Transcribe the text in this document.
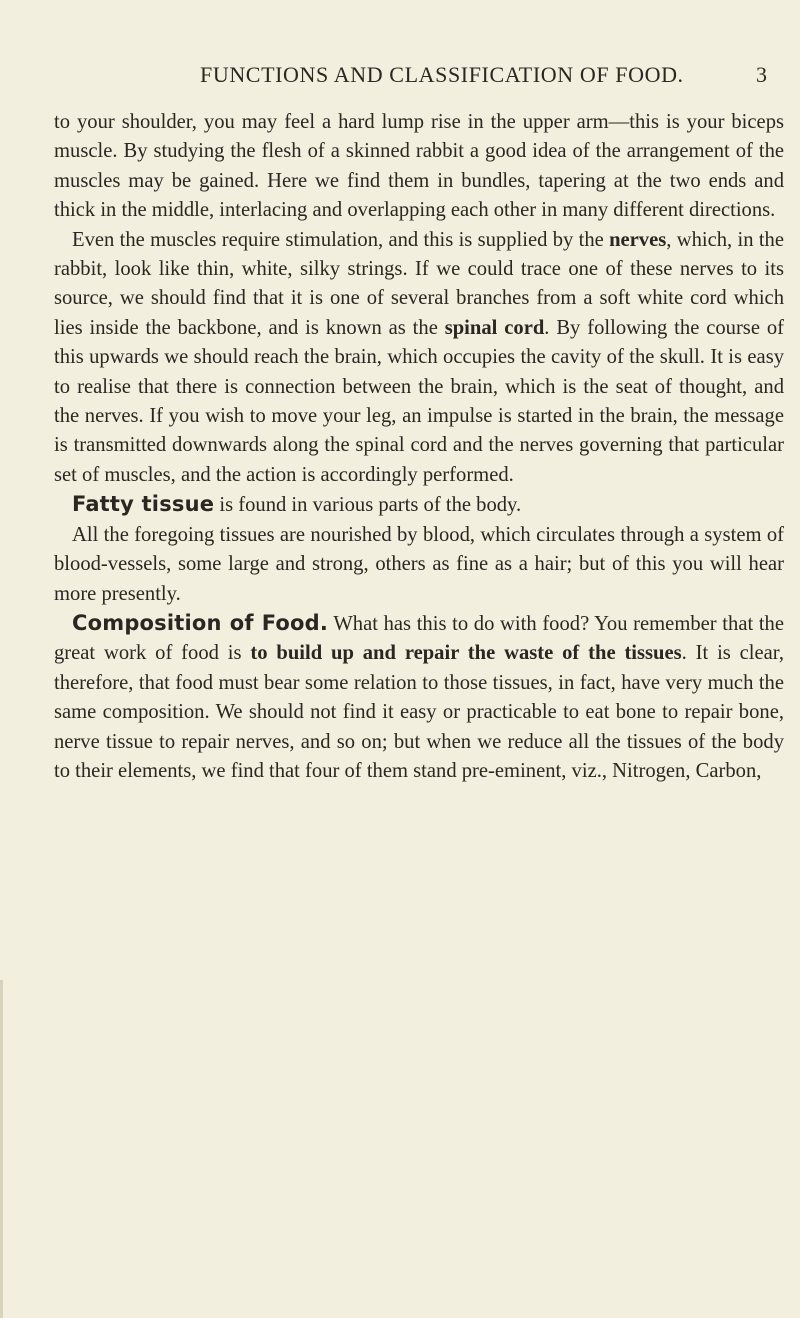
FUNCTIONS AND CLASSIFICATION OF FOOD.	3

to your shoulder, you may feel a hard lump rise in the upper arm—this is your biceps muscle. By studying the flesh of a skinned rabbit a good idea of the arrangement of the muscles may be gained. Here we find them in bundles, tapering at the two ends and thick in the middle, interlacing and overlapping each other in many different directions.

Even the muscles require stimulation, and this is supplied by the nerves, which, in the rabbit, look like thin, white, silky strings. If we could trace one of these nerves to its source, we should find that it is one of several branches from a soft white cord which lies inside the backbone, and is known as the spinal cord. By following the course of this upwards we should reach the brain, which occupies the cavity of the skull. It is easy to realise that there is connection between the brain, which is the seat of thought, and the nerves. If you wish to move your leg, an impulse is started in the brain, the message is transmitted downwards along the spinal cord and the nerves governing that particular set of muscles, and the action is accordingly performed.

Fatty tissue is found in various parts of the body.

All the foregoing tissues are nourished by blood, which circulates through a system of blood-vessels, some large and strong, others as fine as a hair; but of this you will hear more presently.

Composition of Food. What has this to do with food? You remember that the great work of food is to build up and repair the waste of the tissues. It is clear, therefore, that food must bear some relation to those tissues, in fact, have very much the same composition. We should not find it easy or practicable to eat bone to repair bone, nerve tissue to repair nerves, and so on; but when we reduce all the tissues of the body to their elements, we find that four of them stand pre-eminent, viz., Nitrogen, Carbon,
